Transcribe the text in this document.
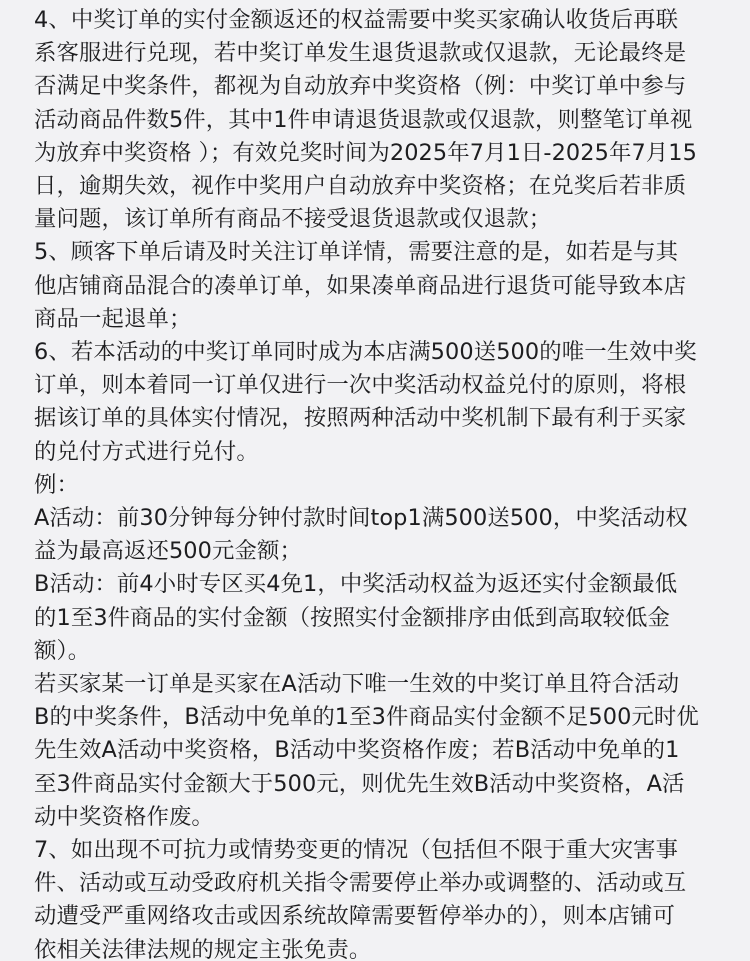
4、中奖订单的实付金额返还的权益需要中奖买家确认收货后再联
系客服进行兑现，若中奖订单发生退货退款或仅退款，无论最终是
否满足中奖条件，都视为自动放弃中奖资格（例：中奖订单中参与
活动商品件数5件，其中1件申请退货退款或仅退款，则整笔订单视
为放弃中奖资格 ）；有效兑奖时间为2025年7月1日-2025年7月15
日，逾期失效，视作中奖用户自动放弃中奖资格；在兑奖后若非质
量问题，该订单所有商品不接受退货退款或仅退款；
5、顾客下单后请及时关注订单详情，需要注意的是，如若是与其
他店铺商品混合的凑单订单，如果凑单商品进行退货可能导致本店
商品一起退单；
6、若本活动的中奖订单同时成为本店满500送500的唯一生效中奖
订单，则本着同一订单仅进行一次中奖活动权益兑付的原则，将根
据该订单的具体实付情况，按照两种活动中奖机制下最有利于买家
的兑付方式进行兑付。
例：
A活动：前30分钟每分钟付款时间top1满500送500，中奖活动权
益为最高返还500元金额；
B活动：前4小时专区买4免1，中奖活动权益为返还实付金额最低
的1至3件商品的实付金额（按照实付金额排序由低到高取较低金
额）。
若买家某一订单是买家在A活动下唯一生效的中奖订单且符合活动
B的中奖条件，B活动中免单的1至3件商品实付金额不足500元时优
先生效A活动中奖资格，B活动中奖资格作废；若B活动中免单的1
至3件商品实付金额大于500元，则优先生效B活动中奖资格，A活
动中奖资格作废。
7、如出现不可抗力或情势变更的情况（包括但不限于重大灾害事
件、活动或互动受政府机关指令需要停止举办或调整的、活动或互
动遭受严重网络攻击或因系统故障需要暂停举办的），则本店铺可
依相关法律法规的规定主张免责。
